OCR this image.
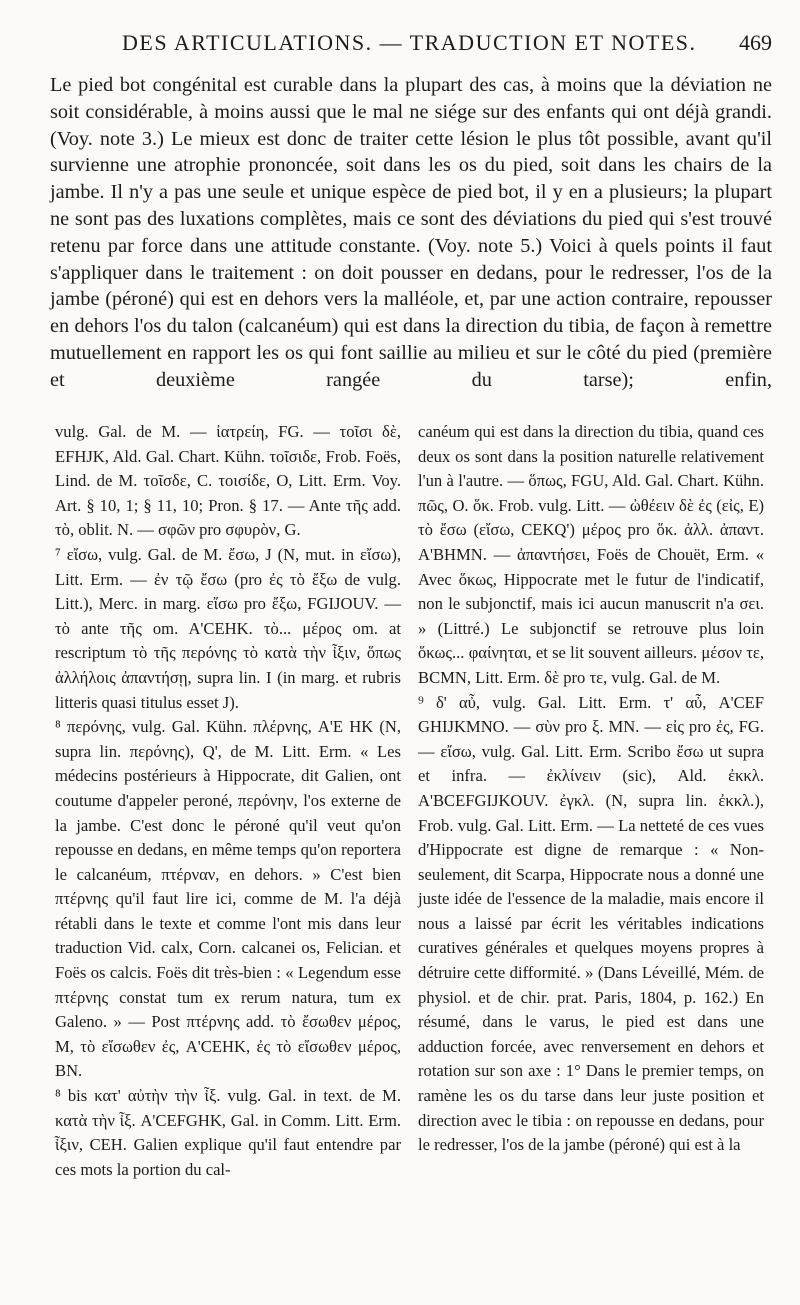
DES ARTICULATIONS. — TRADUCTION ET NOTES. 469

Le pied bot congénital est curable dans la plupart des cas, à moins que la déviation ne soit considérable, à moins aussi que le mal ne siége sur des enfants qui ont déjà grandi. (Voy. note 3.) Le mieux est donc de traiter cette lésion le plus tôt possible, avant qu'il survienne une atrophie prononcée, soit dans les os du pied, soit dans les chairs de la jambe. Il n'y a pas une seule et unique espèce de pied bot, il y en a plusieurs; la plupart ne sont pas des luxations complètes, mais ce sont des déviations du pied qui s'est trouvé retenu par force dans une attitude constante. (Voy. note 5.) Voici à quels points il faut s'appliquer dans le traitement : on doit pousser en dedans, pour le redresser, l'os de la jambe (péroné) qui est en dehors vers la malléole, et, par une action contraire, repousser en dehors l'os du talon (calcanéum) qui est dans la direction du tibia, de façon à remettre mutuellement en rapport les os qui font saillie au milieu et sur le côté du pied (première et deuxième rangée du tarse); enfin,

vulg. Gal. de M. — ἰατρείη, FG. — τοῖσι δὲ, EFHJK, Ald. Gal. Chart. Kühn. τοῖσιδε, Frob. Foës, Lind. de M. τοῖσδε, C. τοισίδε, O, Litt. Erm. Voy. Art. § 10, 1; § 11, 10; Pron. § 17. — Ante τῆς add. τὸ, oblit. N. — σφῶν pro σφυρὸν, G.

⁷ εἴσω, vulg. Gal. de M. ἔσω, J (N, mut. in εἴσω), Litt. Erm. — ἐν τῷ ἔσω (pro ἐς τὸ ἔξω de vulg. Litt.), Merc. in marg. εἴσω pro ἔξω, FGIJOUV. — τὸ ante τῆς om. A'CEHK. τὸ... μέρος om. at rescriptum τὸ τῆς περόνης τὸ κατὰ τὴν ἶξιν, ὅπως ἀλλήλοις ἀπαντήσῃ, supra lin. I (in marg. et rubris litteris quasi titulus esset J).

⁸ περόνης, vulg. Gal. Kühn. πλέρνης, A'E HK (N, supra lin. περόνης), Q', de M. Litt. Erm. « Les médecins postérieurs à Hippocrate, dit Galien, ont coutume d'appeler peroné, περόνην, l'os externe de la jambe. C'est donc le péroné qu'il veut qu'on repousse en dedans, en même temps qu'on reportera le calcanéum, πτέρναν, en dehors. » C'est bien πτέρνης qu'il faut lire ici, comme de M. l'a déjà rétabli dans le texte et comme l'ont mis dans leur traduction Vid. calx, Corn. calcanei os, Felician. et Foës os calcis. Foës dit très-bien : « Legendum esse πτέρνης constat tum ex rerum natura, tum ex Galeno. » — Post πτέρνης add. τὸ ἔσωθεν μέρος, M, τὸ εἴσωθεν ἐς, A'CEHK, ἐς τὸ εἴσωθεν μέρος, BN.

⁸ bis κατ' αὐτὴν τὴν ἶξ. vulg. Gal. in text. de M. κατὰ τὴν ἶξ. A'CEFGHK, Gal. in Comm. Litt. Erm. ἶξιν, CEH. Galien explique qu'il faut entendre par ces mots la portion du cal-

canéum qui est dans la direction du tibia, quand ces deux os sont dans la position naturelle relativement l'un à l'autre. — ὅπως, FGU, Ald. Gal. Chart. Kühn. πῶς, O. ὅκ. Frob. vulg. Litt. — ὠθέειν δὲ ἐς (εἰς, E) τὸ ἔσω (εἴσω, CEKQ') μέρος pro ὅκ. ἀλλ. ἀπαντ. A'BHMN. — ἀπαντήσει, Foës de Chouët, Erm. « Avec ὅκως, Hippocrate met le futur de l'indicatif, non le subjonctif, mais ici aucun manuscrit n'a σει. » (Littré.) Le subjonctif se retrouve plus loin ὅκως... φαίνηται, et se lit souvent ailleurs. μέσον τε, BCMN, Litt. Erm. δὲ pro τε, vulg. Gal. de M.

⁹ δ' αὖ, vulg. Gal. Litt. Erm. τ' αὖ, A'CEF GHIJKMNO. — σὺν pro ξ. MN. — εἰς pro ἐς, FG. — εἴσω, vulg. Gal. Litt. Erm. Scribo ἔσω ut supra et infra. — ἐκλίνειν (sic), Ald. ἐκκλ. A'BCEFGIJKOUV. ἐγκλ. (N, supra lin. ἐκκλ.), Frob. vulg. Gal. Litt. Erm. — La netteté de ces vues d'Hippocrate est digne de remarque : « Non-seulement, dit Scarpa, Hippocrate nous a donné une juste idée de l'essence de la maladie, mais encore il nous a laissé par écrit les véritables indications curatives générales et quelques moyens propres à détruire cette difformité. » (Dans Léveillé, Mém. de physiol. et de chir. prat. Paris, 1804, p. 162.) En résumé, dans le varus, le pied est dans une adduction forcée, avec renversement en dehors et rotation sur son axe : 1° Dans le premier temps, on ramène les os du tarse dans leur juste position et direction avec le tibia : on repousse en dedans, pour le redresser, l'os de la jambe (péroné) qui est à la
